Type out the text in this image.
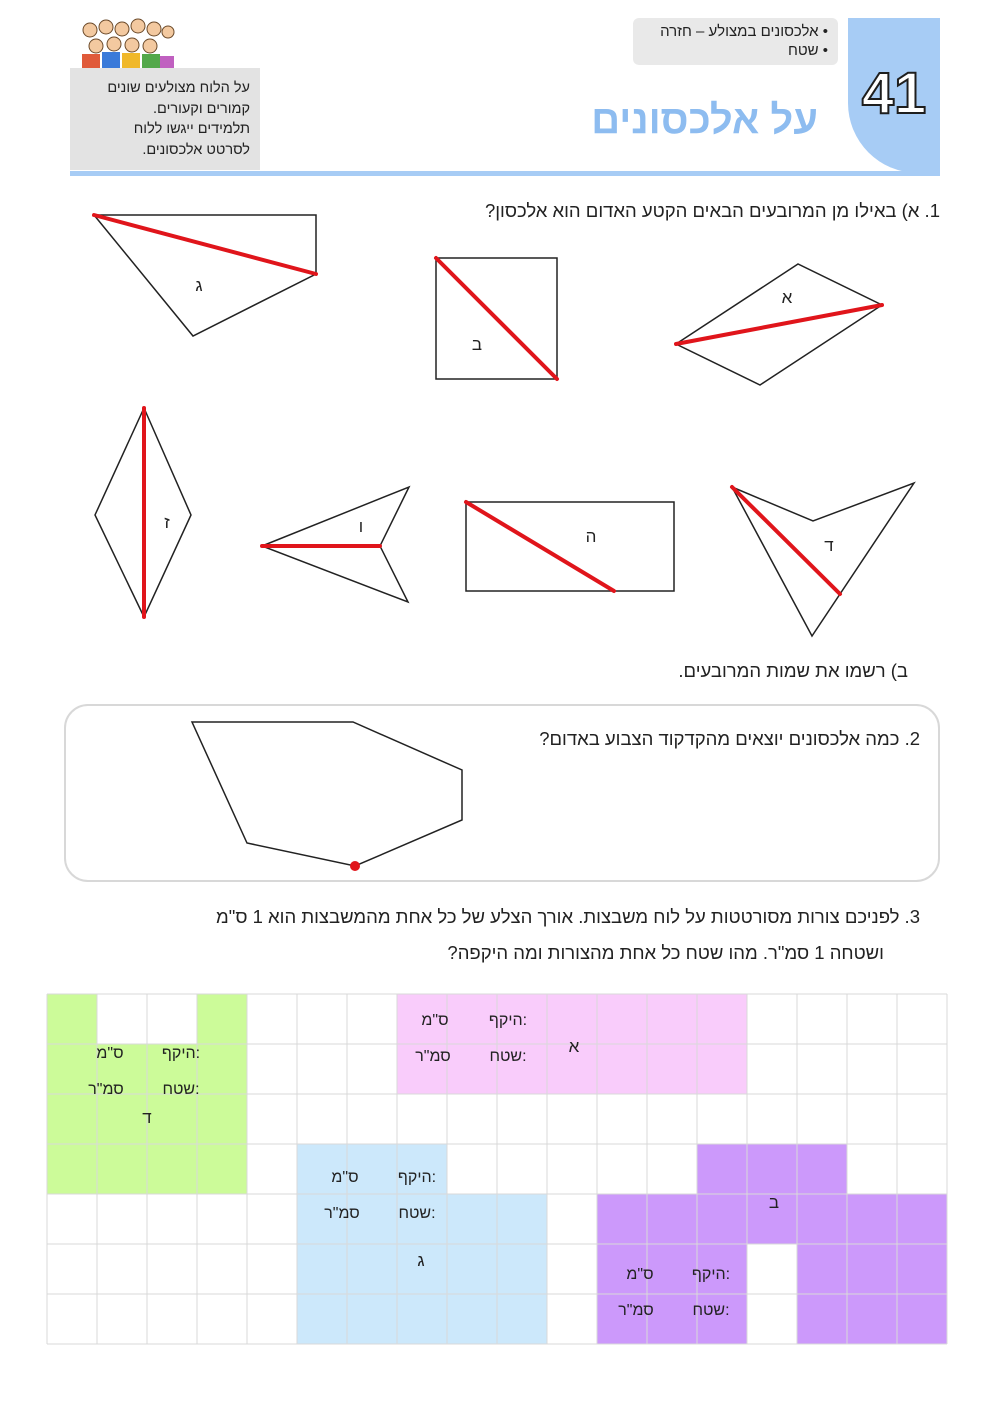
על הלוח מצולעים שונים
קמורים וקעורים.
תלמידים ייגשו ללוח
לסרטט אלכסונים.
• אלכסונים במצולע – חזרה
• שטח
41
על אלכסונים
1. א) באילו מן המרובעים הבאים הקטע האדום הוא אלכסון?
א
ב
ג
ד
ה
ו
ז
ב) רשמו את שמות המרובעים.
2. כמה אלכסונים יוצאים מהקדקוד הצבוע באדום?
3. לפניכם צורות מסורטטות על לוח משבצות. אורך הצלע של כל אחת מהמשבצות הוא 1 ס"מ
ושטחה 1 סמ"ר. מהו שטח כל אחת מהצורות ומה היקפה?
א
היקף:
ס"מ
שטח:
סמ"ר
ד
היקף:
ס"מ
שטח:
סמ"ר
ג
היקף:
ס"מ
שטח:
סמ"ר
ב
היקף:
ס"מ
שטח:
סמ"ר
